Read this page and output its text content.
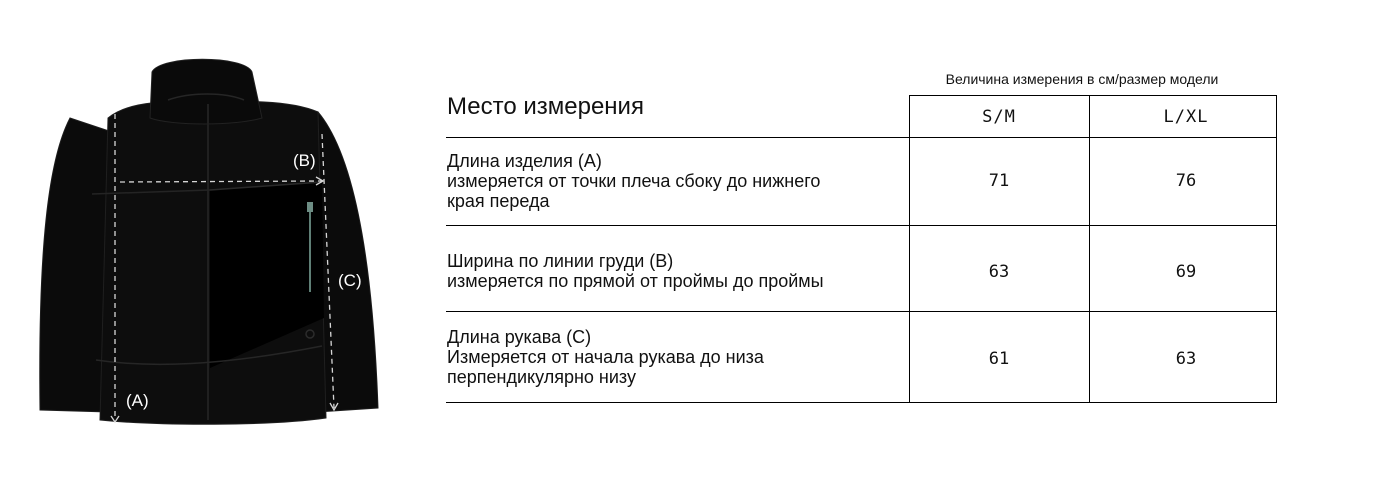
(B)
(C)
(A)
Величина измерения в см/размер модели
Место измерения	S/M	L/XL
Длина изделия (А)
измеряется от точки плеча сбоку до нижнего
края переда
71	76
Ширина по линии груди (В)
измеряется по прямой от проймы до проймы	63	69
Длина рукава (С)
Измеряется от начала рукава до низа
перпендикулярно низу
61	63
